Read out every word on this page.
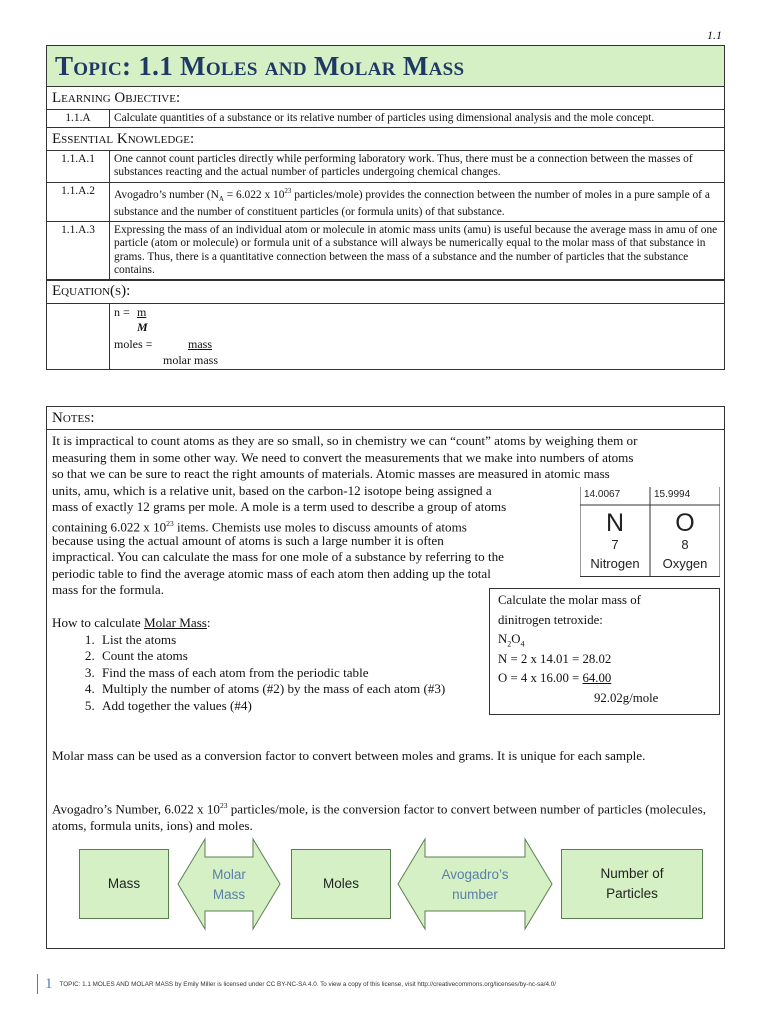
1.1
Topic: 1.1 Moles and Molar Mass
Learning Objective:
1.1.A	Calculate quantities of a substance or its relative number of particles using dimensional analysis and the mole concept.
Essential Knowledge:
1.1.A.1	One cannot count particles directly while performing laboratory work. Thus, there must be a connection between the masses of substances reacting and the actual number of particles undergoing chemical changes.
1.1.A.2	Avogadro’s number ($N_A = 6.022$ x $10^{23}$ particles/mole) provides the connection between the number of moles in a pure sample of a substance and the number of constituent particles (or formula units) of that substance.
1.1.A.3	Expressing the mass of an individual atom or molecule in atomic mass units (amu) is useful because the average mass in amu of one particle (atom or molecule) or formula unit of a substance will always be numerically equal to the molar mass of that substance in grams. Thus, there is a quantitative connection between the mass of a substance and the number of particles that the substance contains.
Equation(s):
n = m
M
moles =	mass
molar mass
Notes:
It is impractical to count atoms as they are so small, so in chemistry we can “count” atoms by weighing them or
measuring them in some other way. We need to convert the measurements that we make into numbers of atoms
so that we can be sure to react the right amounts of materials. Atomic masses are measured in atomic mass
units, amu, which is a relative unit, based on the carbon-12 isotope being assigned a
mass of exactly 12 grams per mole. A mole is a term used to describe a group of atoms
containing 6.022 x $10^{23}$ items. Chemists use moles to discuss amounts of atoms
because using the actual amount of atoms is such a large number it is often
impractical. You can calculate the mass for one mole of a substance by referring to the
periodic table to find the average atomic mass of each atom then adding up the total
mass for the formula.
How to calculate Molar Mass:
1. List the atoms
2. Count the atoms
3. Find the mass of each atom from the periodic table
4. Multiply the number of atoms (#2) by the mass of each atom (#3)
5. Add together the values (#4)
Molar mass can be used as a conversion factor to convert between moles and grams. It is unique for each sample.
Avogadro’s Number, 6.022 x $10^{23}$ particles/mole, is the conversion factor to convert between number of particles (molecules, atoms, formula units, ions) and moles.
14.0067
N
7
Nitrogen
15.9994
O
8
Oxygen
Calculate the molar mass of
dinitrogen tetroxide:
$N_2O_4$
N = 2 x 14.01 = 28.02
O = 4 x 16.00 = 64.00
92.02g/mole
Mass
Molar Mass
Moles
Avogadro’s number
Number of Particles
1 TOPIC: 1.1 MOLES AND MOLAR MASS by Emily Miller is licensed under CC BY-NC-SA 4.0. To view a copy of this license, visit http://creativecommons.org/licenses/by-nc-sa/4.0/
